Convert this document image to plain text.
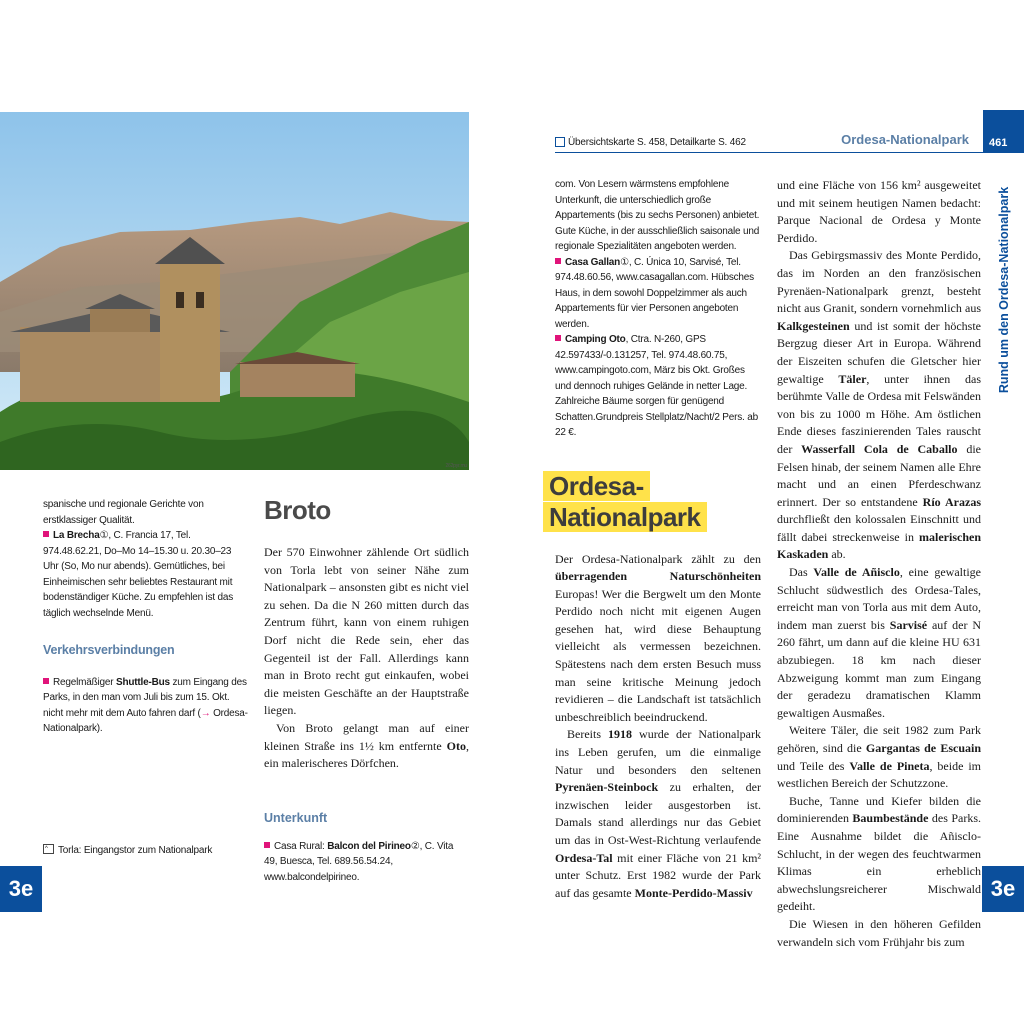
262pyr.mu
spanische und regionale Gerichte von erstklassiger Qualität.
La Brecha①, C. Francia 17, Tel. 974.48.62.21, Do–Mo 14–15.30 u. 20.30–23 Uhr (So, Mo nur abends). Gemütliches, bei Einheimischen sehr beliebtes Restaurant mit bodenständiger Küche. Zu empfehlen ist das täglich wechselnde Menü.
Verkehrsverbindungen
Regelmäßiger Shuttle-Bus zum Eingang des Parks, in den man vom Juli bis zum 15. Okt. nicht mehr mit dem Auto fahren darf (→ Ordesa-Nationalpark).
^ Torla: Eingangstor zum Nationalpark
Broto

Der 570 Einwohner zählende Ort südlich von Torla lebt von seiner Nähe zum Nationalpark – ansonsten gibt es nicht viel zu sehen. Da die N 260 mitten durch das Zentrum führt, kann von einem ruhigen Dorf nicht die Rede sein, eher das Gegenteil ist der Fall. Allerdings kann man in Broto recht gut einkaufen, wobei die meisten Geschäfte an der Hauptstraße liegen.

Von Broto gelangt man auf einer kleinen Straße ins 1½ km entfernte Oto, ein malerischeres Dörfchen.

Unterkunft
Casa Rural: Balcon del Pirineo②, C. Vita 49, Buesca, Tel. 689.56.54.24, www.balcondelpirineo.
3e
Übersichtskarte S. 458, Detailkarte S. 462	Ordesa-Nationalpark 461
Rund um den Ordesa-Nationalpark
com. Von Lesern wärmstens empfohlene Unterkunft, die unterschiedlich große Appartements (bis zu sechs Personen) anbietet. Gute Küche, in der ausschließlich saisonale und regionale Spezialitäten angeboten werden.
Casa Gallan①, C. Única 10, Sarvisé, Tel. 974.48.60.56, www.casagallan.com. Hübsches Haus, in dem sowohl Doppelzimmer als auch Appartements für vier Personen angeboten werden.
Camping Oto, Ctra. N-260, GPS 42.597433/-0.131257, Tel. 974.48.60.75, www.campingoto.com, März bis Okt. Großes und dennoch ruhiges Gelände in netter Lage. Zahlreiche Bäume sorgen für genügend Schatten.Grundpreis Stellplatz/Nacht/2 Pers. ab 22 €.
Ordesa-
Nationalpark

Der Ordesa-Nationalpark zählt zu den überragenden Naturschönheiten Europas! Wer die Bergwelt um den Monte Perdido noch nicht mit eigenen Augen gesehen hat, wird diese Behauptung vielleicht als vermessen bezeichnen. Spätestens nach dem ersten Besuch muss man seine kritische Meinung jedoch revidieren – die Landschaft ist tatsächlich unbeschreiblich beeindruckend.

Bereits 1918 wurde der Nationalpark ins Leben gerufen, um die einmalige Natur und besonders den seltenen Pyrenäen-Steinbock zu erhalten, der inzwischen leider ausgestorben ist. Damals stand allerdings nur das Gebiet um das in Ost-West-Richtung verlaufende Ordesa-Tal mit einer Fläche von 21 km² unter Schutz. Erst 1982 wurde der Park auf das gesamte Monte-Perdido-Massiv

und eine Fläche von 156 km² ausgeweitet und mit seinem heutigen Namen bedacht: Parque Nacional de Ordesa y Monte Perdido.

Das Gebirgsmassiv des Monte Perdido, das im Norden an den französischen Pyrenäen-Nationalpark grenzt, besteht nicht aus Granit, sondern vornehmlich aus Kalkgesteinen und ist somit der höchste Bergzug dieser Art in Europa. Während der Eiszeiten schufen die Gletscher hier gewaltige Täler, unter ihnen das berühmte Valle de Ordesa mit Felswänden von bis zu 1000 m Höhe. Am östlichen Ende dieses faszinierenden Tales rauscht der Wasserfall Cola de Caballo die Felsen hinab, der seinem Namen alle Ehre macht und an einen Pferdeschwanz erinnert. Der so entstandene Río Arazas durchfließt den kolossalen Einschnitt und fällt dabei streckenweise in malerischen Kaskaden ab.

Das Valle de Añisclo, eine gewaltige Schlucht südwestlich des Ordesa-Tales, erreicht man von Torla aus mit dem Auto, indem man zuerst bis Sarvisé auf der N 260 fährt, um dann auf die kleine HU 631 abzubiegen. 18 km nach dieser Abzweigung kommt man zum Eingang der geradezu dramatischen Klamm gewaltigen Ausmaßes.

Weitere Täler, die seit 1982 zum Park gehören, sind die Gargantas de Escuain und Teile des Valle de Pineta, beide im westlichen Bereich der Schutzzone.

Buche, Tanne und Kiefer bilden die dominierenden Baumbestände des Parks. Eine Ausnahme bildet die Añisclo-Schlucht, in der wegen des feuchtwarmen Klimas ein erheblich abwechslungsreicherer Mischwald gedeiht.

Die Wiesen in den höheren Gefilden verwandeln sich vom Frühjahr bis zum

3e
